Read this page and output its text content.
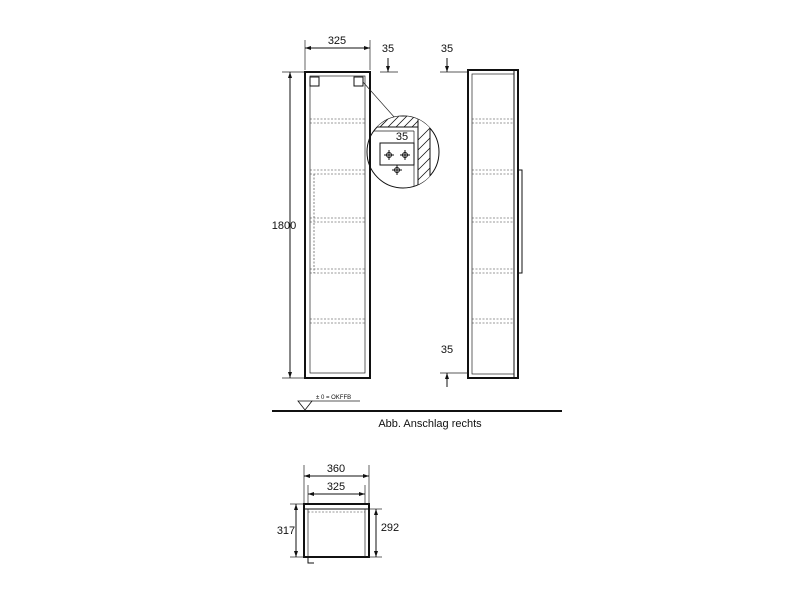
325
35
1800
35
35
35
± 0 = OKFFB
Abb. Anschlag rechts
360
325
317	292
